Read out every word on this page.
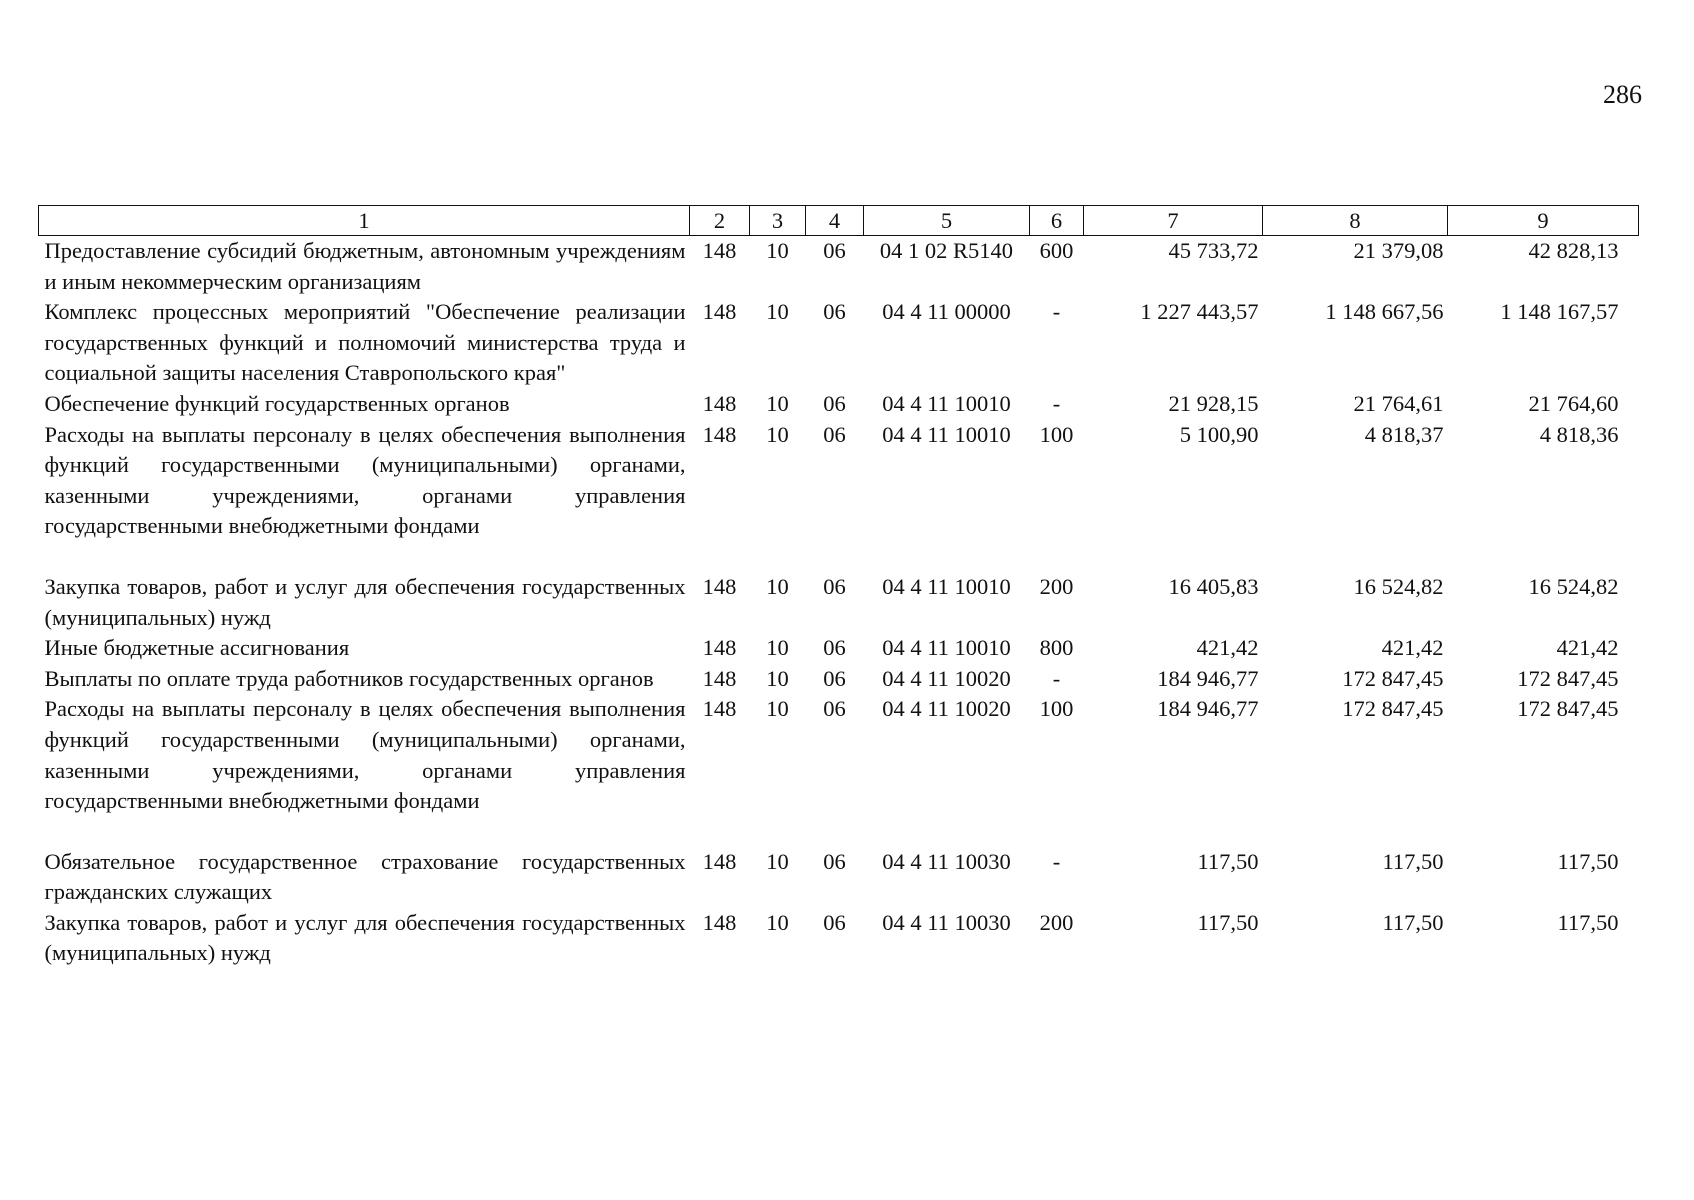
286
1	2	3	4	5	6	7	8	9
Предоставление субсидий бюджетным, автономным учреждениям и иным некоммерческим организациям	148	10	06	04 1 02 R5140	600	45 733,72	21 379,08	42 828,13
Комплекс процессных мероприятий "Обеспечение реализации государственных функций и полномочий министерства труда и социальной защиты населения Ставропольского края"	148	10	06	04 4 11 00000	-	1 227 443,57	1 148 667,56	1 148 167,57
Обеспечение функций государственных органов	148	10	06	04 4 11 10010	-	21 928,15	21 764,61	21 764,60
Расходы на выплаты персоналу в целях обеспечения выполнения функций государственными (муниципальными) органами, казенными учреждениями, органами управления государственными внебюджетными фондами	148	10	06	04 4 11 10010	100	5 100,90	4 818,37	4 818,36
Закупка товаров, работ и услуг для обеспечения государственных (муниципальных) нужд	148	10	06	04 4 11 10010	200	16 405,83	16 524,82	16 524,82
Иные бюджетные ассигнования	148	10	06	04 4 11 10010	800	421,42	421,42	421,42
Выплаты по оплате труда работников государственных органов	148	10	06	04 4 11 10020	-	184 946,77	172 847,45	172 847,45
Расходы на выплаты персоналу в целях обеспечения выполнения функций государственными (муниципальными) органами, казенными учреждениями, органами управления государственными внебюджетными фондами	148	10	06	04 4 11 10020	100	184 946,77	172 847,45	172 847,45
Обязательное государственное страхование государственных гражданских служащих	148	10	06	04 4 11 10030	-	117,50	117,50	117,50
Закупка товаров, работ и услуг для обеспечения государственных (муниципальных) нужд	148	10	06	04 4 11 10030	200	117,50	117,50	117,50
